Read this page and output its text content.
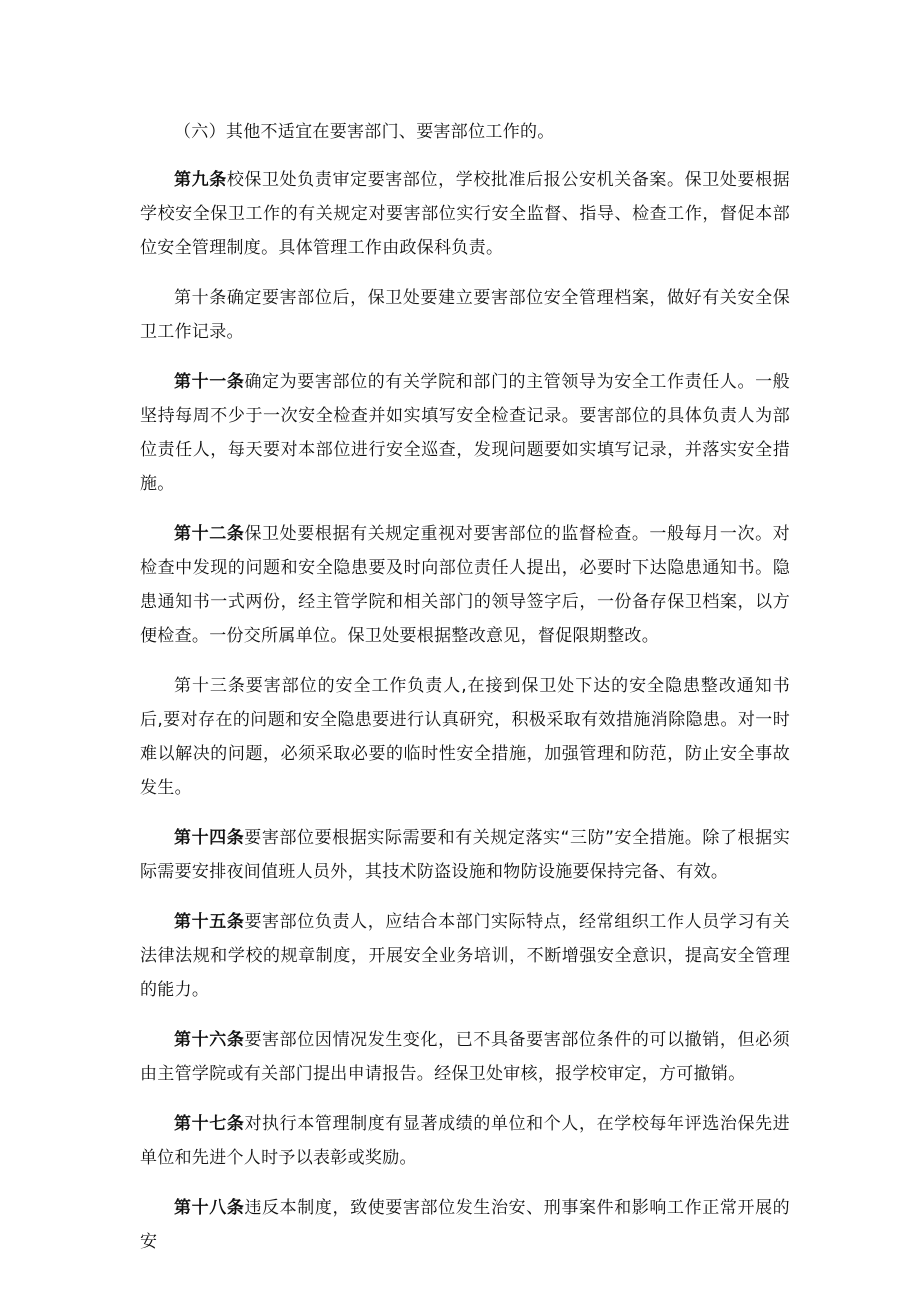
（六）其他不适宜在要害部门、要害部位工作的。

第九条校保卫处负责审定要害部位，学校批准后报公安机关备案。保卫处要根据学校安全保卫工作的有关规定对要害部位实行安全监督、指导、检查工作，督促本部位安全管理制度。具体管理工作由政保科负责。

第十条确定要害部位后，保卫处要建立要害部位安全管理档案，做好有关安全保卫工作记录。

第十一条确定为要害部位的有关学院和部门的主管领导为安全工作责任人。一般坚持每周不少于一次安全检查并如实填写安全检查记录。要害部位的具体负责人为部位责任人，每天要对本部位进行安全巡查，发现问题要如实填写记录，并落实安全措施。

第十二条保卫处要根据有关规定重视对要害部位的监督检查。一般每月一次。对检查中发现的问题和安全隐患要及时向部位责任人提出，必要时下达隐患通知书。隐患通知书一式两份，经主管学院和相关部门的领导签字后，一份备存保卫档案，以方便检查。一份交所属单位。保卫处要根据整改意见，督促限期整改。

第十三条要害部位的安全工作负责人,在接到保卫处下达的安全隐患整改通知书后,要对存在的问题和安全隐患要进行认真研究，积极采取有效措施消除隐患。对一时难以解决的问题，必须采取必要的临时性安全措施，加强管理和防范，防止安全事故发生。

第十四条要害部位要根据实际需要和有关规定落实“三防”安全措施。除了根据实际需要安排夜间值班人员外，其技术防盗设施和物防设施要保持完备、有效。

第十五条要害部位负责人，应结合本部门实际特点，经常组织工作人员学习有关法律法规和学校的规章制度，开展安全业务培训，不断增强安全意识，提高安全管理的能力。

第十六条要害部位因情况发生变化，已不具备要害部位条件的可以撤销，但必须由主管学院或有关部门提出申请报告。经保卫处审核，报学校审定，方可撤销。

第十七条对执行本管理制度有显著成绩的单位和个人，在学校每年评选治保先进单位和先进个人时予以表彰或奖励。

第十八条违反本制度，致使要害部位发生治安、刑事案件和影响工作正常开展的安
